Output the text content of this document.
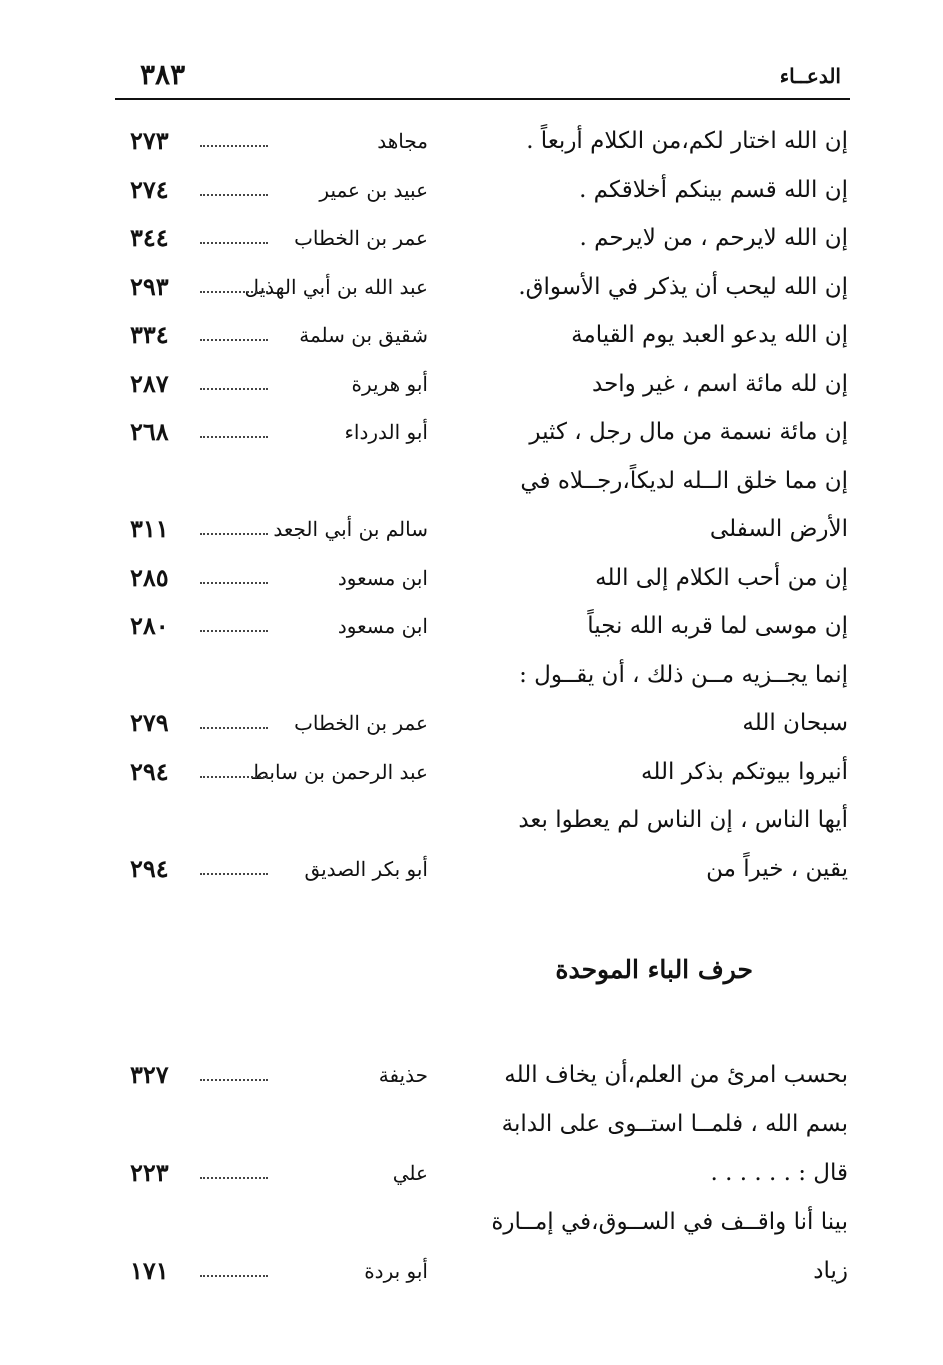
٣٨٣	الدعــاء
إن الله اختار لكم،من الكلام أربعاً .
مجاهد
٢٧٣
إن الله قسم بينكم أخلاقكم .
عبيد بن عمير
٢٧٤
إن الله لايرحم ، من لايرحم .
عمر بن الخطاب
٣٤٤
إن الله ليحب أن يذكر في الأسواق.
عبد الله بن أبي الهذيل
٢٩٣
إن الله يدعو العبد يوم القيامة
شقيق بن سلمة
٣٣٤
إن لله مائة اسم ، غير واحد
أبو هريرة
٢٨٧
إن مائة نسمة من مال رجل ، كثير
أبو الدرداء
٢٦٨
إن مما خلق الــله لديكاً،رجــلاه في
الأرض السفلى
سالم بن أبي الجعد
٣١١
إن من أحب الكلام إلى الله
ابن مسعود
٢٨٥
إن موسى لما قربه الله نجياً
ابن مسعود
٢٨٠
إنما يجــزيه مــن ذلك ، أن يقــول :
سبحان الله
عمر بن الخطاب
٢٧٩
أنيروا بيوتكم بذكر الله
عبد الرحمن بن سابط
٢٩٤
أيها الناس ، إن الناس لم يعطوا بعد
يقين ، خيراً من
أبو بكر الصديق
٢٩٤
حرف الباء الموحدة
بحسب امرئ من العلم،أن يخاف الله
حذيفة
٣٢٧
بسم الله ، فلمــا استــوى على الدابة
قال : . . . . . .
علي
٢٢٣
بينا أنا واقــف في الســوق،في إمــارة
زياد
أبو بردة
١٧١
